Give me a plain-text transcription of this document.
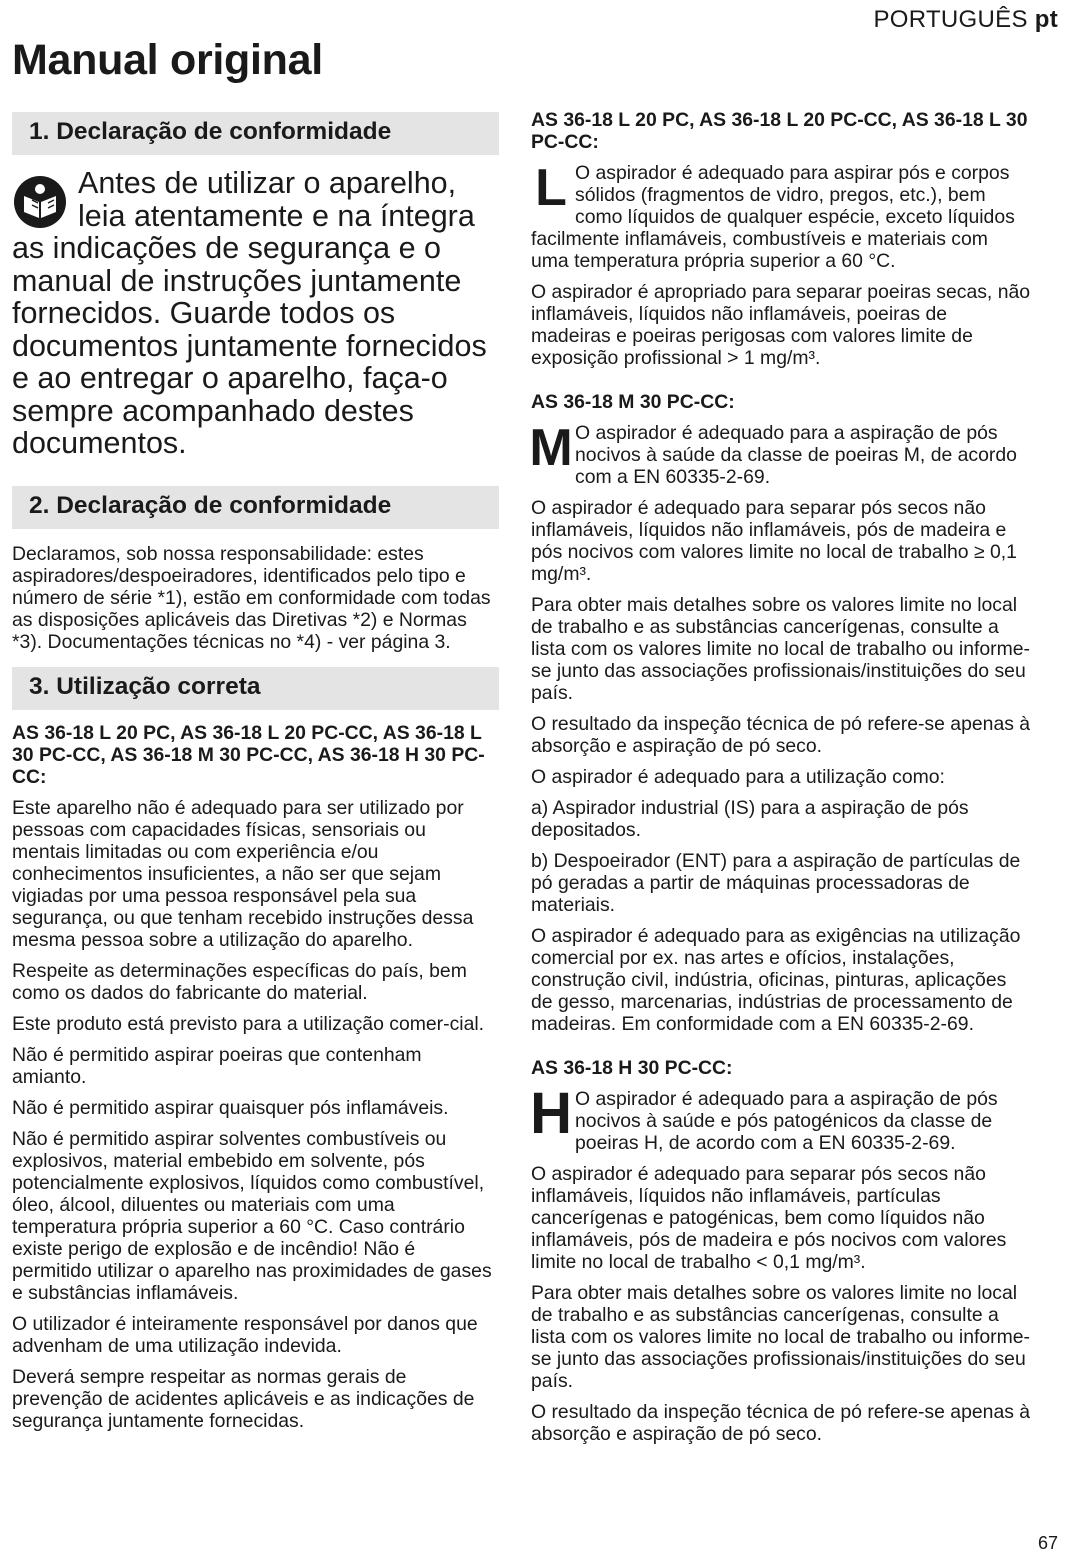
PORTUGUÊS pt
Manual original
1. Declaração de conformidade
Antes de utilizar o aparelho, leia atentamente e na íntegra as indicações de segurança e o manual de instruções juntamente fornecidos. Guarde todos os documentos juntamente fornecidos e ao entregar o aparelho, faça-o sempre acompanhado destes documentos.
2. Declaração de conformidade

Declaramos, sob nossa responsabilidade: estes aspiradores/despoeiradores, identificados pelo tipo e número de série *1), estão em conformidade com todas as disposições aplicáveis das Diretivas *2) e Normas *3). Documentações técnicas no *4) - ver página 3.

3. Utilização correta
AS 36-18 L 20 PC, AS 36-18 L 20 PC-CC, AS 36-18 L 30 PC-CC, AS 36-18 M 30 PC-CC, AS 36-18 H 30 PC-CC:

Este aparelho não é adequado para ser utilizado por pessoas com capacidades físicas, sensoriais ou mentais limitadas ou com experiência e/ou conhecimentos insuficientes, a não ser que sejam vigiadas por uma pessoa responsável pela sua segurança, ou que tenham recebido instruções dessa mesma pessoa sobre a utilização do aparelho.

Respeite as determinações específicas do país, bem como os dados do fabricante do material.

Este produto está previsto para a utilização comer-cial.

Não é permitido aspirar poeiras que contenham amianto.

Não é permitido aspirar quaisquer pós inflamáveis.

Não é permitido aspirar solventes combustíveis ou explosivos, material embebido em solvente, pós potencialmente explosivos, líquidos como combustível, óleo, álcool, diluentes ou materiais com uma temperatura própria superior a 60 °C. Caso contrário existe perigo de explosão e de incêndio! Não é permitido utilizar o aparelho nas proximidades de gases e substâncias inflamáveis.

O utilizador é inteiramente responsável por danos que advenham de uma utilização indevida.

Deverá sempre respeitar as normas gerais de prevenção de acidentes aplicáveis e as indicações de segurança juntamente fornecidas.

AS 36-18 L 20 PC, AS 36-18 L 20 PC-CC, AS 36-18 L 30 PC-CC:

L O aspirador é adequado para aspirar pós e corpos sólidos (fragmentos de vidro, pregos, etc.), bem como líquidos de qualquer espécie, exceto líquidos facilmente inflamáveis, combustíveis e materiais com uma temperatura própria superior a 60 °C.

O aspirador é apropriado para separar poeiras secas, não inflamáveis, líquidos não inflamáveis, poeiras de madeiras e poeiras perigosas com valores limite de exposição profissional > 1 mg/m³.

AS 36-18 M 30 PC-CC:

M O aspirador é adequado para a aspiração de pós nocivos à saúde da classe de poeiras M, de acordo com a EN 60335-2-69.

O aspirador é adequado para separar pós secos não inflamáveis, líquidos não inflamáveis, pós de madeira e pós nocivos com valores limite no local de trabalho ≥ 0,1 mg/m³.

Para obter mais detalhes sobre os valores limite no local de trabalho e as substâncias cancerígenas, consulte a lista com os valores limite no local de trabalho ou informe-se junto das associações profissionais/instituições do seu país.

O resultado da inspeção técnica de pó refere-se apenas à absorção e aspiração de pó seco.

O aspirador é adequado para a utilização como:

a) Aspirador industrial (IS) para a aspiração de pós depositados.

b) Despoeirador (ENT) para a aspiração de partículas de pó geradas a partir de máquinas processadoras de materiais.

O aspirador é adequado para as exigências na utilização comercial por ex. nas artes e ofícios, instalações, construção civil, indústria, oficinas, pinturas, aplicações de gesso, marcenarias, indústrias de processamento de madeiras. Em conformidade com a EN 60335-2-69.

AS 36-18 H 30 PC-CC:

H O aspirador é adequado para a aspiração de pós nocivos à saúde e pós patogénicos da classe de poeiras H, de acordo com a EN 60335-2-69.

O aspirador é adequado para separar pós secos não inflamáveis, líquidos não inflamáveis, partículas cancerígenas e patogénicas, bem como líquidos não inflamáveis, pós de madeira e pós nocivos com valores limite no local de trabalho < 0,1 mg/m³.

Para obter mais detalhes sobre os valores limite no local de trabalho e as substâncias cancerígenas, consulte a lista com os valores limite no local de trabalho ou informe-se junto das associações profissionais/instituições do seu país.

O resultado da inspeção técnica de pó refere-se apenas à absorção e aspiração de pó seco.

67
